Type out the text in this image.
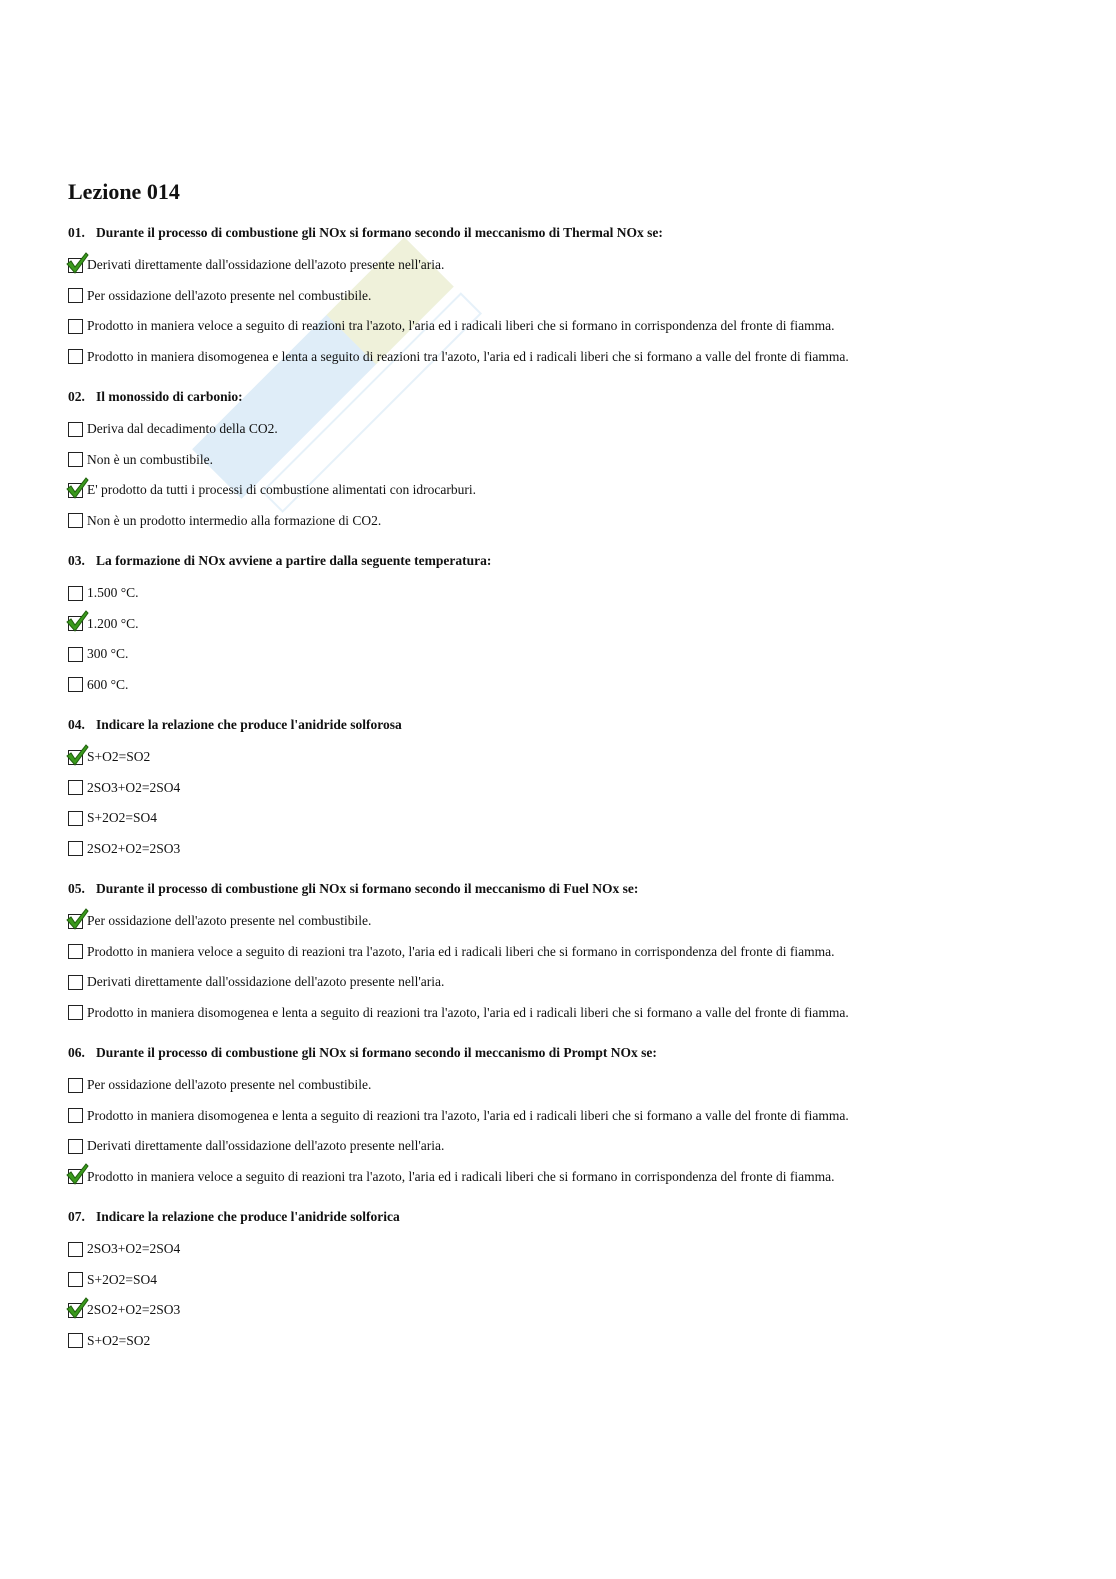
Lezione 014
01. Durante il processo di combustione gli NOx si formano secondo il meccanismo di Thermal NOx se:
Derivati direttamente dall'ossidazione dell'azoto presente nell'aria.
Per ossidazione dell'azoto presente nel combustibile.
Prodotto in maniera veloce a seguito di reazioni tra l'azoto, l'aria ed i radicali liberi che si formano in corrispondenza del fronte di fiamma.
Prodotto in maniera disomogenea e lenta a seguito di reazioni tra l'azoto, l'aria ed i radicali liberi che si formano a valle del fronte di fiamma.
02. Il monossido di carbonio:
Deriva dal decadimento della CO2.
Non è un combustibile.
E' prodotto da tutti i processi di combustione alimentati con idrocarburi.
Non è un prodotto intermedio alla formazione di CO2.
03. La formazione di NOx avviene a partire dalla seguente temperatura:
1.500 °C.
1.200 °C.
300 °C.
600 °C.
04. Indicare la relazione che produce l'anidride solforosa
S+O2=SO2
2SO3+O2=2SO4
S+2O2=SO4
2SO2+O2=2SO3
05. Durante il processo di combustione gli NOx si formano secondo il meccanismo di Fuel NOx se:
Per ossidazione dell'azoto presente nel combustibile.
Prodotto in maniera veloce a seguito di reazioni tra l'azoto, l'aria ed i radicali liberi che si formano in corrispondenza del fronte di fiamma.
Derivati direttamente dall'ossidazione dell'azoto presente nell'aria.
Prodotto in maniera disomogenea e lenta a seguito di reazioni tra l'azoto, l'aria ed i radicali liberi che si formano a valle del fronte di fiamma.
06. Durante il processo di combustione gli NOx si formano secondo il meccanismo di Prompt NOx se:
Per ossidazione dell'azoto presente nel combustibile.
Prodotto in maniera disomogenea e lenta a seguito di reazioni tra l'azoto, l'aria ed i radicali liberi che si formano a valle del fronte di fiamma.
Derivati direttamente dall'ossidazione dell'azoto presente nell'aria.
Prodotto in maniera veloce a seguito di reazioni tra l'azoto, l'aria ed i radicali liberi che si formano in corrispondenza del fronte di fiamma.
07. Indicare la relazione che produce l'anidride solforica
2SO3+O2=2SO4
S+2O2=SO4
2SO2+O2=2SO3
S+O2=SO2
